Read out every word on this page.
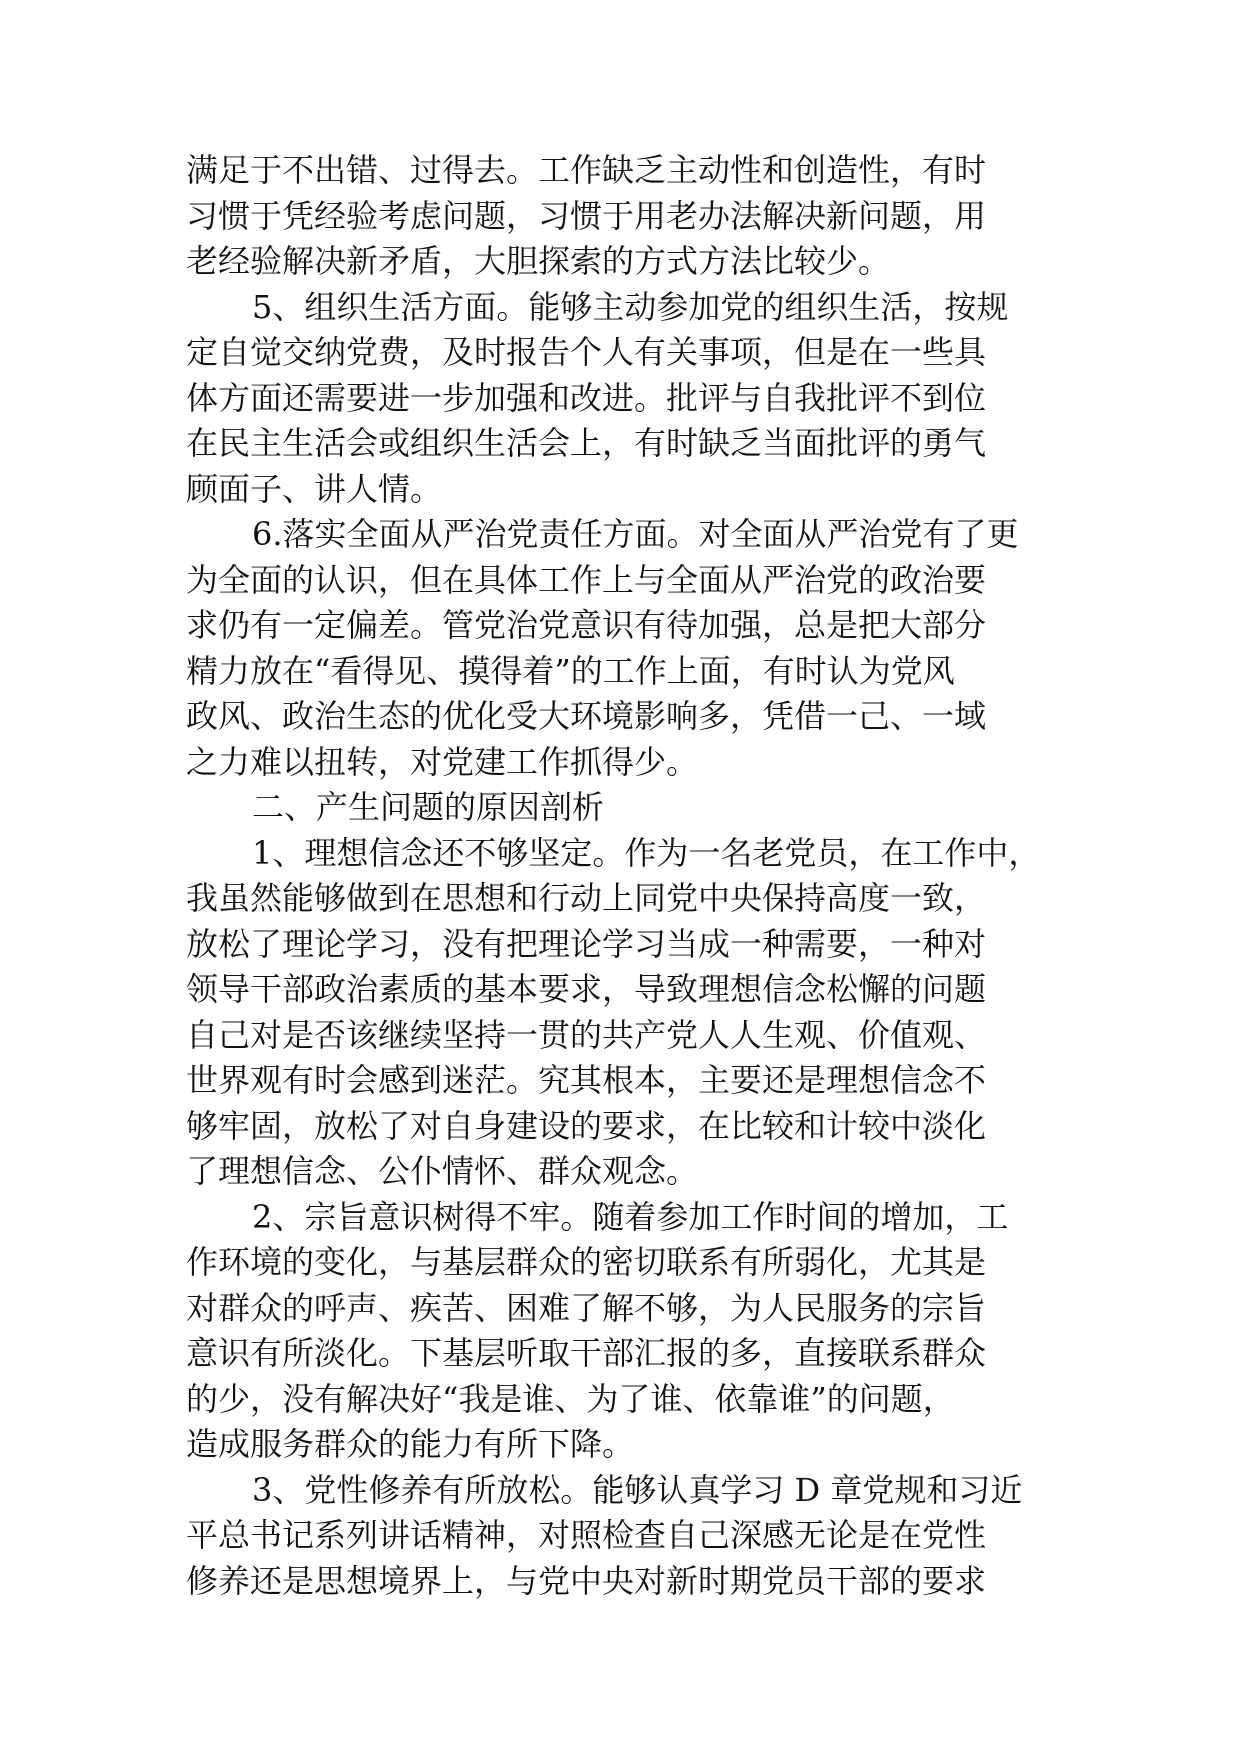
满足于不出错、过得去。工作缺乏主动性和创造性，有时
习惯于凭经验考虑问题，习惯于用老办法解决新问题，用
老经验解决新矛盾，大胆探索的方式方法比较少。
5、组织生活方面。能够主动参加党的组织生活，按规
定自觉交纳党费，及时报告个人有关事项，但是在一些具
体方面还需要进一步加强和改进。批评与自我批评不到位
在民主生活会或组织生活会上，有时缺乏当面批评的勇气
顾面子、讲人情。
6.落实全面从严治党责任方面。对全面从严治党有了更
为全面的认识，但在具体工作上与全面从严治党的政治要
求仍有一定偏差。管党治党意识有待加强，总是把大部分
精力放在“看得见、摸得着”的工作上面，有时认为党风
政风、政治生态的优化受大环境影响多，凭借一己、一域
之力难以扭转，对党建工作抓得少。
二、产生问题的原因剖析
1、理想信念还不够坚定。作为一名老党员，在工作中，
我虽然能够做到在思想和行动上同党中央保持高度一致，
放松了理论学习，没有把理论学习当成一种需要，一种对
领导干部政治素质的基本要求，导致理想信念松懈的问题
自己对是否该继续坚持一贯的共产党人人生观、价值观、
世界观有时会感到迷茫。究其根本，主要还是理想信念不
够牢固，放松了对自身建设的要求，在比较和计较中淡化
了理想信念、公仆情怀、群众观念。
2、宗旨意识树得不牢。随着参加工作时间的增加，工
作环境的变化，与基层群众的密切联系有所弱化，尤其是
对群众的呼声、疾苦、困难了解不够，为人民服务的宗旨
意识有所淡化。下基层听取干部汇报的多，直接联系群众
的少，没有解决好“我是谁、为了谁、依靠谁”的问题，
造成服务群众的能力有所下降。
3、党性修养有所放松。能够认真学习 D 章党规和习近
平总书记系列讲话精神，对照检查自己深感无论是在党性
修养还是思想境界上，与党中央对新时期党员干部的要求
